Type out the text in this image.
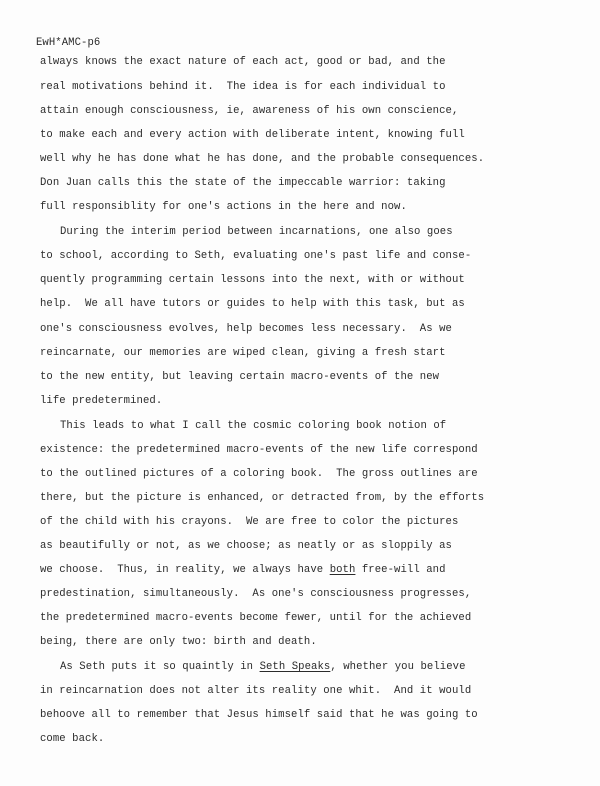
EwH*AMC-p6
always knows the exact nature of each act, good or bad, and the
real motivations behind it.  The idea is for each individual to
attain enough consciousness, ie, awareness of his own conscience,
to make each and every action with deliberate intent, knowing full
well why he has done what he has done, and the probable consequences.
Don Juan calls this the state of the impeccable warrior: taking
full responsiblity for one's actions in the here and now.
During the interim period between incarnations, one also goes
to school, according to Seth, evaluating one's past life and conse-
quently programming certain lessons into the next, with or without
help.  We all have tutors or guides to help with this task, but as
one's consciousness evolves, help becomes less necessary.  As we
reincarnate, our memories are wiped clean, giving a fresh start
to the new entity, but leaving certain macro-events of the new
life predetermined.
This leads to what I call the cosmic coloring book notion of
existence: the predetermined macro-events of the new life correspond
to the outlined pictures of a coloring book.  The gross outlines are
there, but the picture is enhanced, or detracted from, by the efforts
of the child with his crayons.  We are free to color the pictures
as beautifully or not, as we choose; as neatly or as sloppily as
we choose.  Thus, in reality, we always have both free-will and
predestination, simultaneously.  As one's consciousness progresses,
the predetermined macro-events become fewer, until for the achieved
being, there are only two: birth and death.
As Seth puts it so quaintly in Seth Speaks, whether you believe
in reincarnation does not alter its reality one whit.  And it would
behoove all to remember that Jesus himself said that he was going to
come back.
